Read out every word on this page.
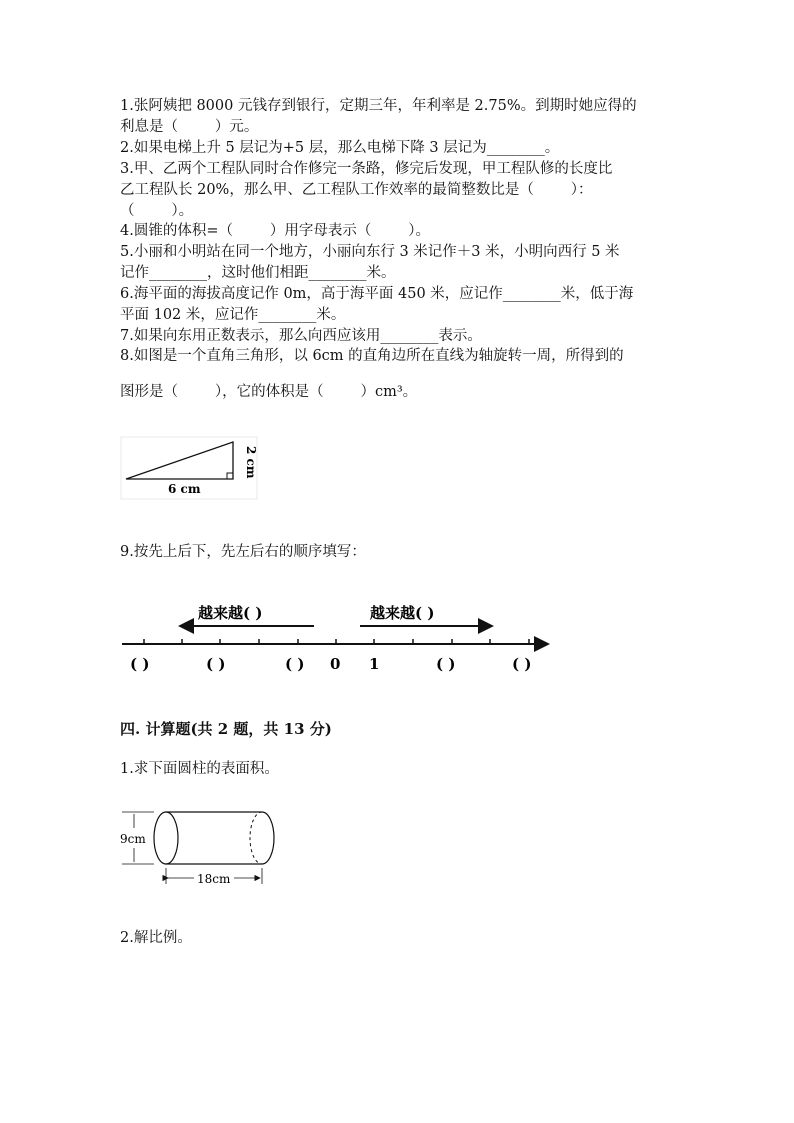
1.张阿姨把 8000 元钱存到银行，定期三年，年利率是 2.75%。到期时她应得的
利息是（        ）元。
2.如果电梯上升 5 层记为+5 层，那么电梯下降 3 层记为________。
3.甲、乙两个工程队同时合作修完一条路，修完后发现，甲工程队修的长度比
乙工程队长 20%，那么甲、乙工程队工作效率的最简整数比是（        ）：
（        ）。
4.圆锥的体积=（        ）用字母表示（        ）。
5.小丽和小明站在同一个地方，小丽向东行 3 米记作＋3 米，小明向西行 5 米
记作________，这时他们相距________米。
6.海平面的海拔高度记作 0m，高于海平面 450 米，应记作________米，低于海
平面 102 米，应记作________米。
7.如果向东用正数表示，那么向西应该用________表示。
8.如图是一个直角三角形，以 6cm 的直角边所在直线为轴旋转一周，所得到的
图形是（        ），它的体积是（        ）cm³。
6 cm
2 cm
9.按先上后下，先左后右的顺序填写：
越来越( )	越来越( )
( )	( )	( ) 0 1	( )	( )
四. 计算题(共 2 题，共 13 分)
1.求下面圆柱的表面积。
9cm
18cm
2.解比例。
